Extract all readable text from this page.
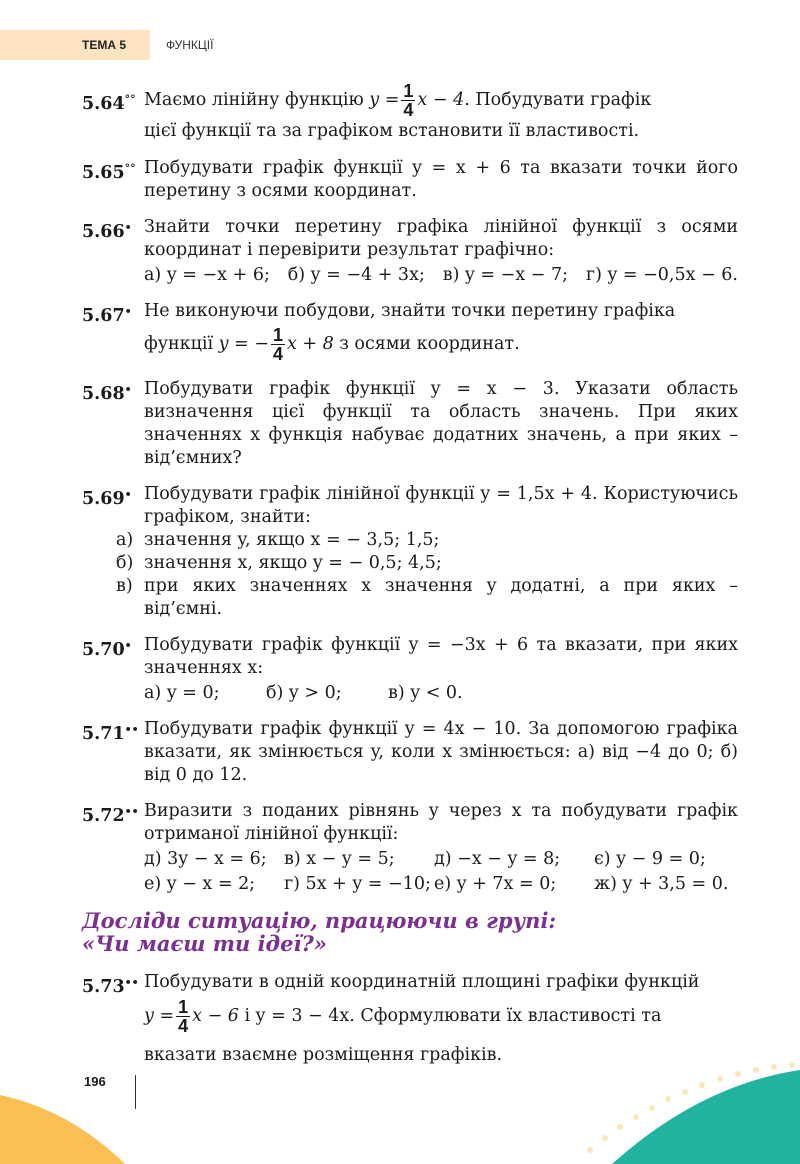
ТЕМА 5	ФУНКЦІЇ
5.64°° Маємо лінійну функцію $y = \frac{1}{4}$ x − 4. Побудувати графік
цієї функції та за графіком встановити її властивості.
5.65°° Побудувати графік функції y = x + 6 та вказати точки його перетину з осями координат.
5.66• Знайти точки перетину графіка лінійної функції з осями координат і перевірити результат графічно:
а) y = −x + 6; б) y = −4 + 3x; в) y = −x − 7; г) y = −0,5x − 6.
5.67• Не виконуючи побудови, знайти точки перетину графіка
функції y = − $\frac{1}{4}$ x + 8 з осями координат.
5.68• Побудувати графік функції y = x − 3. Указати область визначення цієї функції та область значень. При яких значеннях x функція набуває додатних значень, а при яких – від’ємних?
5.69• Побудувати графік лінійної функції y = 1,5x + 4. Користуючись графіком, знайти:
а) значення y, якщо x = − 3,5; 1,5;
б) значення x, якщо y = − 0,5; 4,5;
в) при яких значеннях x значення y додатні, а при яких – від’ємні.
5.70• Побудувати графік функції y = −3x + 6 та вказати, при яких значеннях x:
а) y = 0;	б) y > 0;	в) y < 0.
5.71•• Побудувати графік функції y = 4x − 10. За допомогою графіка вказати, як змінюється y, коли x змінюється: а) від −4 до 0; б) від 0 до 12.
5.72•• Виразити з поданих рівнянь y через x та побудувати графік отриманої лінійної функції:
д) 3y − x = 6; в) x − y = 5;	д) −x − y = 8;	є) y − 9 = 0;
е) y − x = 2;	г) 5x + y = −10; е) y + 7x = 0;	ж) y + 3,5 = 0.
Досліди ситуацію, працюючи в групі:
«Чи маєш ти ідеї?»
5.73•• Побудувати в одній координатній площині графіки функцій
$y = \frac{1}{4}$ x − 6 і y = 3 − 4x. Сформулювати їх властивості та
вказати взаємне розміщення графіків.
196
